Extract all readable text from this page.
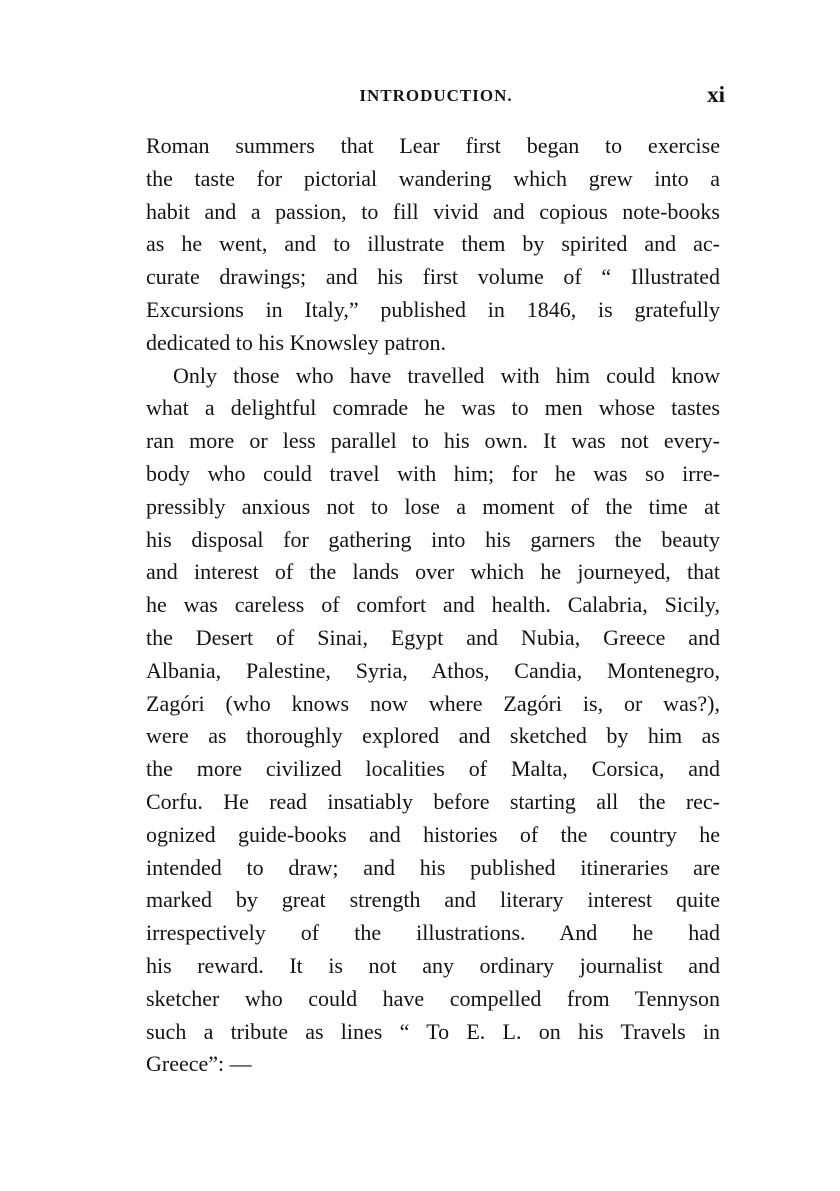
INTRODUCTION.	xi
Roman summers that Lear first began to exercise
the taste for pictorial wandering which grew into a
habit and a passion, to fill vivid and copious note-books
as he went, and to illustrate them by spirited and ac-
curate drawings; and his first volume of “ Illustrated
Excursions in Italy,” published in 1846, is gratefully
dedicated to his Knowsley patron.
Only those who have travelled with him could know
what a delightful comrade he was to men whose tastes
ran more or less parallel to his own. It was not every-
body who could travel with him; for he was so irre-
pressibly anxious not to lose a moment of the time at
his disposal for gathering into his garners the beauty
and interest of the lands over which he journeyed, that
he was careless of comfort and health. Calabria, Sicily,
the Desert of Sinai, Egypt and Nubia, Greece and
Albania, Palestine, Syria, Athos, Candia, Montenegro,
Zagóri (who knows now where Zagóri is, or was?),
were as thoroughly explored and sketched by him as
the more civilized localities of Malta, Corsica, and
Corfu. He read insatiably before starting all the rec-
ognized guide-books and histories of the country he
intended to draw; and his published itineraries are
marked by great strength and literary interest quite
irrespectively of the illustrations. And he had
his reward. It is not any ordinary journalist and
sketcher who could have compelled from Tennyson
such a tribute as lines “ To E. L. on his Travels in
Greece”: —
